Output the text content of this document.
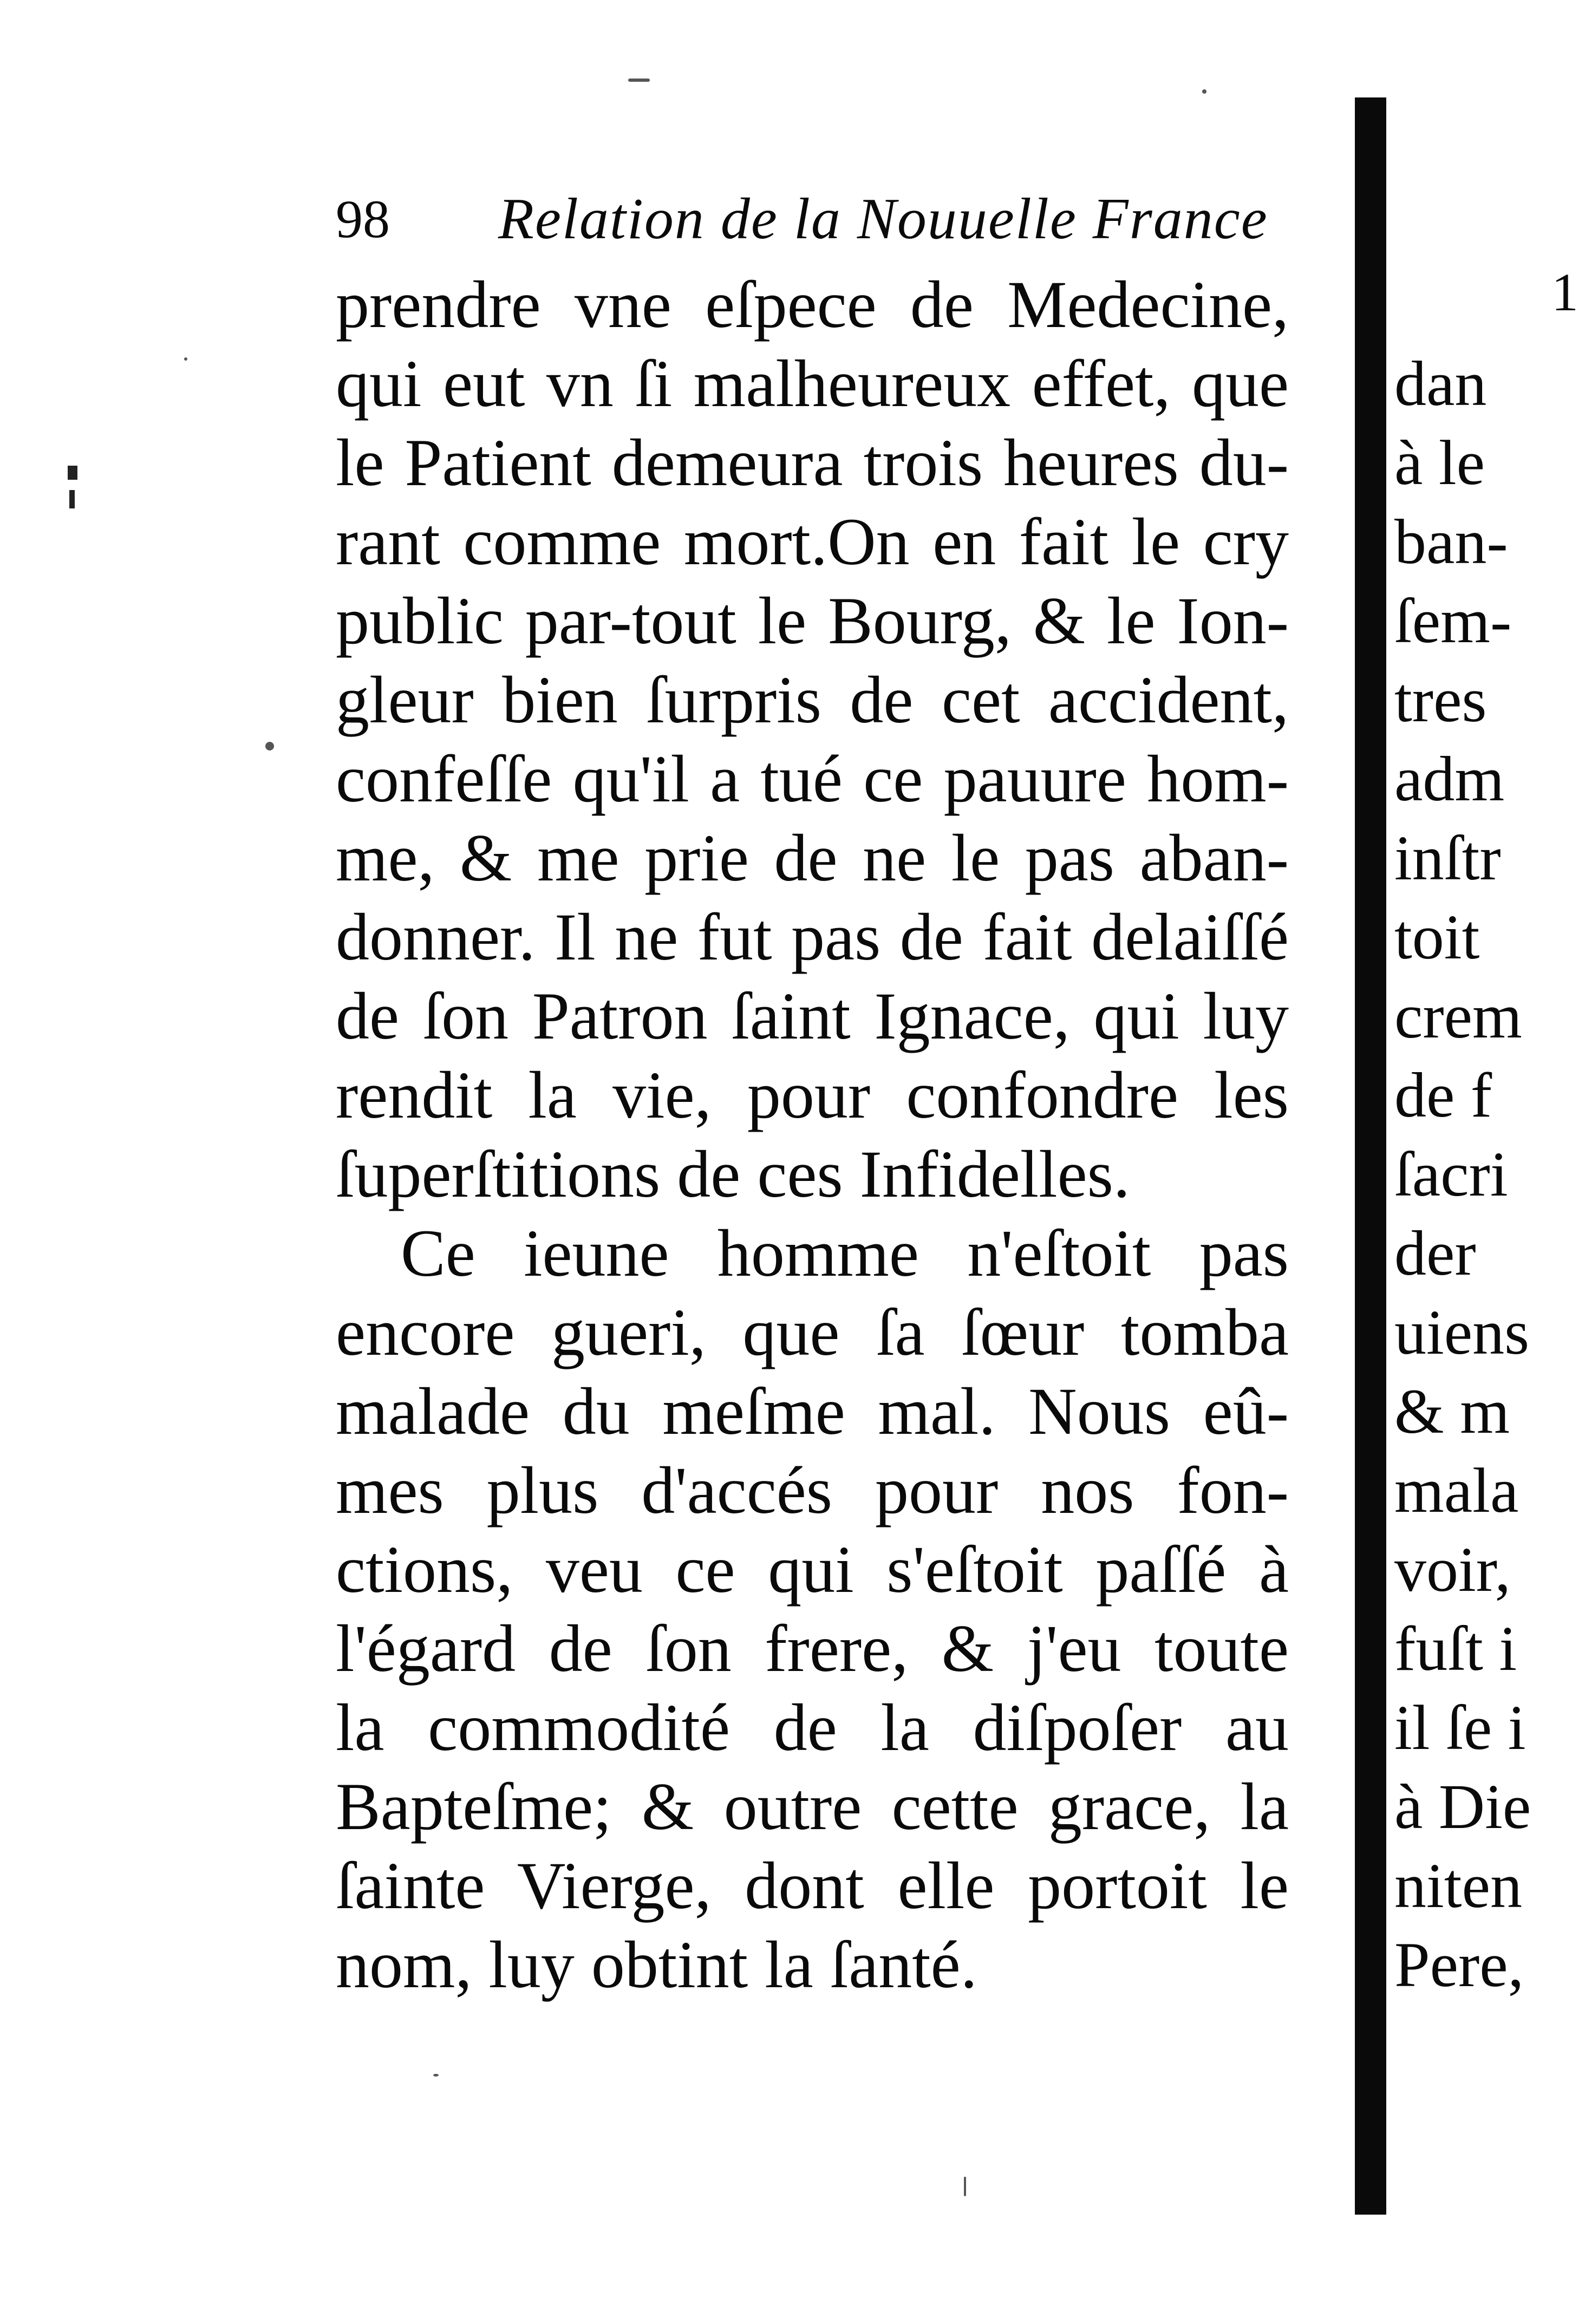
98 Relation de la Nouuelle France
prendre vne eſpece de Medecine,
qui eut vn ſi malheureux effet, que
le Patient demeura trois heures du-
rant comme mort.On en fait le cry
public par-tout le Bourg, & le Ion-
gleur bien ſurpris de cet accident,
confeſſe qu'il a tué ce pauure hom-
me, & me prie de ne le pas aban-
donner. Il ne fut pas de fait delaiſſé
de ſon Patron ſaint Ignace, qui luy
rendit la vie, pour confondre les
ſuperſtitions de ces Infidelles.
Ce ieune homme n'eſtoit pas
encore gueri, que ſa ſœur tomba
malade du meſme mal. Nous eû-
mes plus d'accés pour nos fon-
ctions, veu ce qui s'eſtoit paſſé à
l'égard de ſon frere, & j'eu toute
la commodité de la diſpoſer au
Bapteſme; & outre cette grace, la
ſainte Vierge, dont elle portoit le
nom, luy obtint la ſanté.
1
dan
à le
ban-
ſem-
tres
adm
inſtr
toit
crem
de f
ſacri
der
uiens
& m
mala
voir,
fuſt i
il ſe i
à Die
niten
Pere,
